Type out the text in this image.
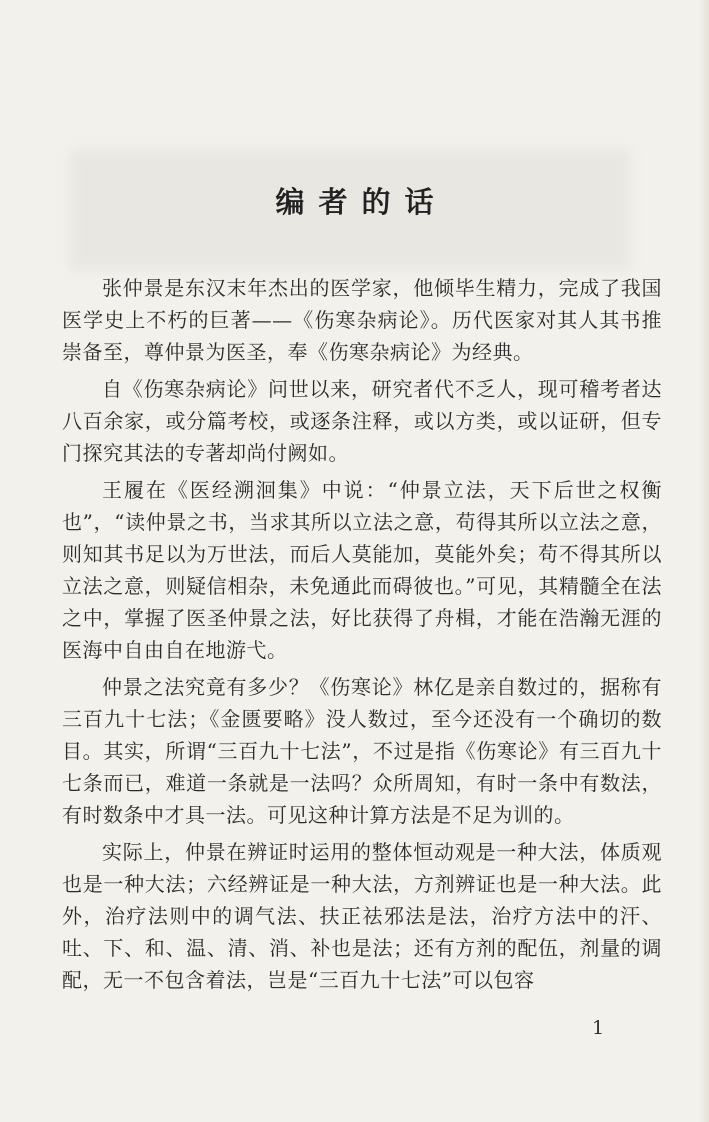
编者的话

张仲景是东汉末年杰出的医学家，他倾毕生精力，完成了我国医学史上不朽的巨著——《伤寒杂病论》。历代医家对其人其书推崇备至，尊仲景为医圣，奉《伤寒杂病论》为经典。

自《伤寒杂病论》问世以来，研究者代不乏人，现可稽考者达八百余家，或分篇考校，或逐条注释，或以方类，或以证研，但专门探究其法的专著却尚付阙如。

王履在《医经溯洄集》中说：“仲景立法，天下后世之权衡也”，“读仲景之书，当求其所以立法之意，苟得其所以立法之意，则知其书足以为万世法，而后人莫能加，莫能外矣；苟不得其所以立法之意，则疑信相杂，未免通此而碍彼也。”可见，其精髓全在法之中，掌握了医圣仲景之法，好比获得了舟楫，才能在浩瀚无涯的医海中自由自在地游弋。

仲景之法究竟有多少？《伤寒论》林亿是亲自数过的，据称有三百九十七法；《金匮要略》没人数过，至今还没有一个确切的数目。其实，所谓“三百九十七法”，不过是指《伤寒论》有三百九十七条而已，难道一条就是一法吗？众所周知，有时一条中有数法，有时数条中才具一法。可见这种计算方法是不足为训的。

实际上，仲景在辨证时运用的整体恒动观是一种大法，体质观也是一种大法；六经辨证是一种大法，方剂辨证也是一种大法。此外，治疗法则中的调气法、扶正祛邪法是法，治疗方法中的汗、吐、下、和、温、清、消、补也是法；还有方剂的配伍，剂量的调配，无一不包含着法，岂是“三百九十七法”可以包容

1
